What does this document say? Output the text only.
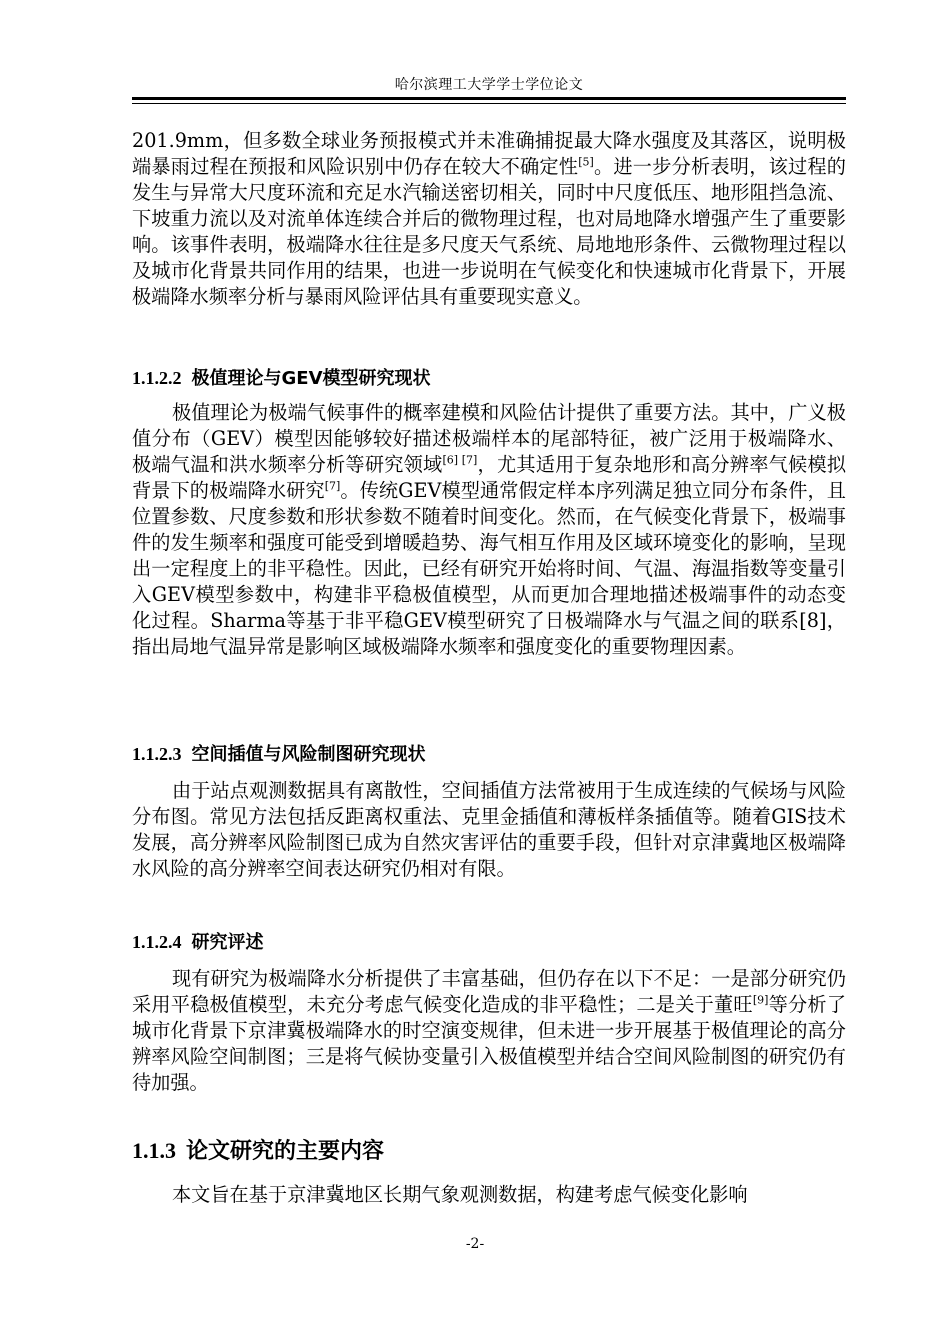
哈尔滨理工大学学士学位论文

201.9mm，但多数全球业务预报模式并未准确捕捉最大降水强度及其落区，说明极端暴雨过程在预报和风险识别中仍存在较大不确定性[5]。进一步分析表明，该过程的发生与异常大尺度环流和充足水汽输送密切相关，同时中尺度低压、地形阻挡急流、下坡重力流以及对流单体连续合并后的微物理过程，也对局地降水增强产生了重要影响。该事件表明，极端降水往往是多尺度天气系统、局地地形条件、云微物理过程以及城市化背景共同作用的结果，也进一步说明在气候变化和快速城市化背景下，开展极端降水频率分析与暴雨风险评估具有重要现实意义。

1.1.2.2 极值理论与GEV模型研究现状

极值理论为极端气候事件的概率建模和风险估计提供了重要方法。其中，广义极值分布（GEV）模型因能够较好描述极端样本的尾部特征，被广泛用于极端降水、极端气温和洪水频率分析等研究领域[6] [7]，尤其适用于复杂地形和高分辨率气候模拟背景下的极端降水研究[7]。传统GEV模型通常假定样本序列满足独立同分布条件，且位置参数、尺度参数和形状参数不随着时间变化。然而，在气候变化背景下，极端事件的发生频率和强度可能受到增暖趋势、海气相互作用及区域环境变化的影响，呈现出一定程度上的非平稳性。因此，已经有研究开始将时间、气温、海温指数等变量引入GEV模型参数中，构建非平稳极值模型，从而更加合理地描述极端事件的动态变化过程。Sharma等基于非平稳GEV模型研究了日极端降水与气温之间的联系[8]，指出局地气温异常是影响区域极端降水频率和强度变化的重要物理因素。

1.1.2.3 空间插值与风险制图研究现状

由于站点观测数据具有离散性，空间插值方法常被用于生成连续的气候场与风险分布图。常见方法包括反距离权重法、克里金插值和薄板样条插值等。随着GIS技术发展，高分辨率风险制图已成为自然灾害评估的重要手段，但针对京津冀地区极端降水风险的高分辨率空间表达研究仍相对有限。

1.1.2.4 研究评述

现有研究为极端降水分析提供了丰富基础，但仍存在以下不足：一是部分研究仍采用平稳极值模型，未充分考虑气候变化造成的非平稳性；二是关于董旺[9]等分析了城市化背景下京津冀极端降水的时空演变规律，但未进一步开展基于极值理论的高分辨率风险空间制图；三是将气候协变量引入极值模型并结合空间风险制图的研究仍有待加强。

1.1.3 论文研究的主要内容

本文旨在基于京津冀地区长期气象观测数据，构建考虑气候变化影响

-2-
